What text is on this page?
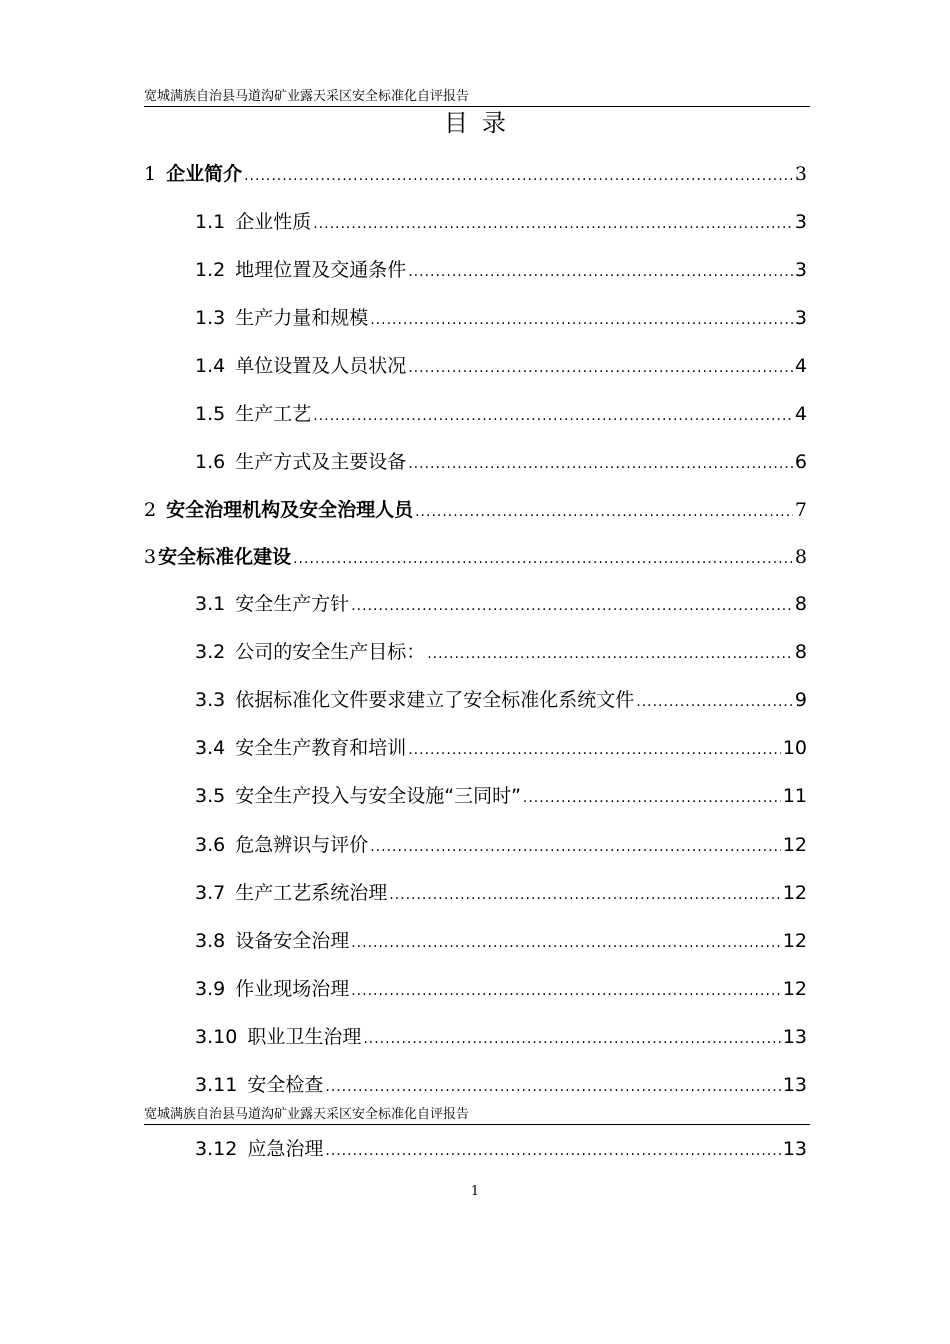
宽城满族自治县马道沟矿业露天采区安全标准化自评报告
目录
1 企业简介 .....	3
1.1 企业性质 .....	3
1.2 地理位置及交通条件 .....	3
1.3 生产力量和规模 .....	3
1.4 单位设置及人员状况 .....	4
1.5 生产工艺 .....	4
1.6 生产方式及主要设备 .....	6
2 安全治理机构及安全治理人员 .....	7
3 安全标准化建设 .....	8
3.1 安全生产方针 .....	8
3.2 公司的安全生产目标： .....	8
3.3 依据标准化文件要求建立了安全标准化系统文件 .....	9
3.4 安全生产教育和培训 .....	10
3.5 安全生产投入与安全设施“三同时” .....	11
3.6 危急辨识与评价 .....	12
3.7 生产工艺系统治理 .....	12
3.8 设备安全治理 .....	12
3.9 作业现场治理 .....	12
3.10 职业卫生治理 .....	13
3.11 安全检查 .....	13
宽城满族自治县马道沟矿业露天采区安全标准化自评报告
3.12 应急治理 .....	13
1
